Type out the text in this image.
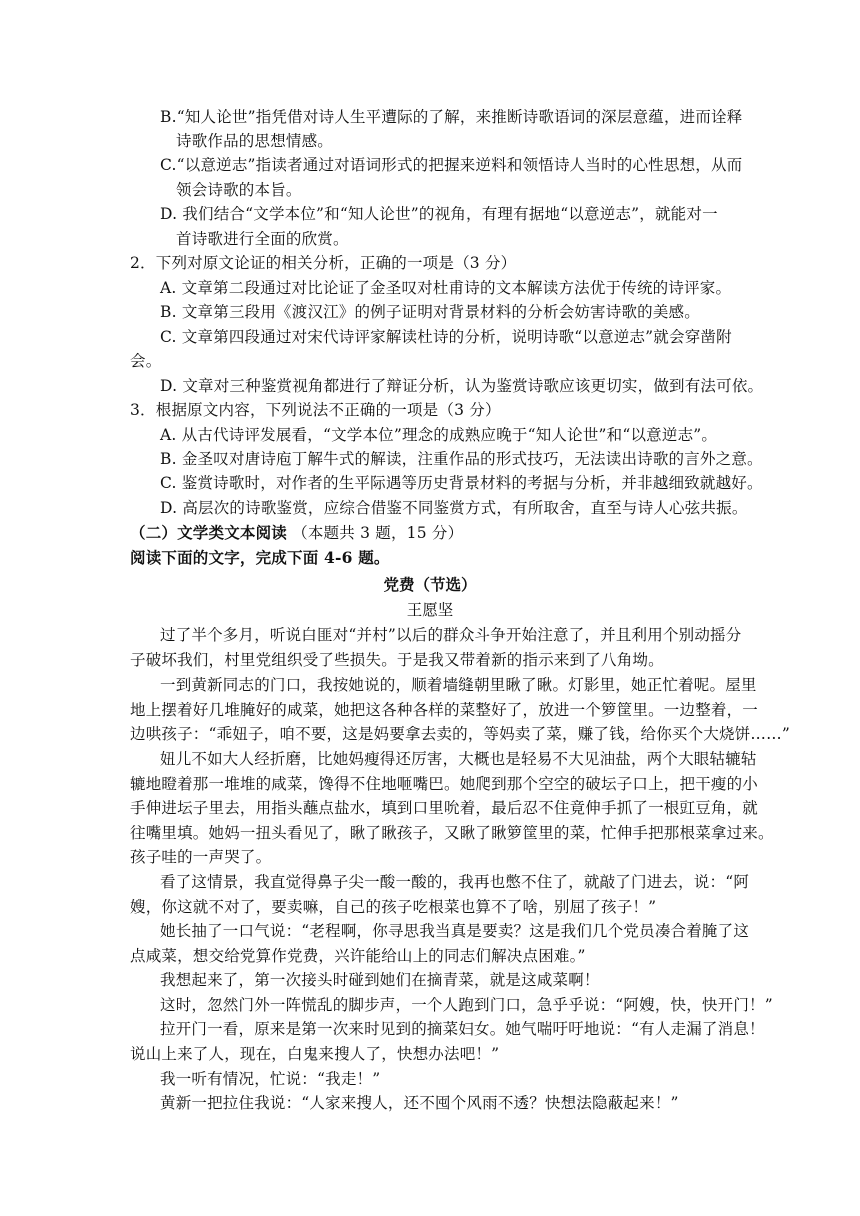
B.“知人论世”指凭借对诗人生平遭际的了解，来推断诗歌语词的深层意蕴，进而诠释
诗歌作品的思想情感。
C.“以意逆志”指读者通过对语词形式的把握来逆料和领悟诗人当时的心性思想，从而
领会诗歌的本旨。
D. 我们结合“文学本位”和“知人论世”的视角，有理有据地“以意逆志”，就能对一
首诗歌进行全面的欣赏。
2．下列对原文论证的相关分析，正确的一项是（3 分）
A. 文章第二段通过对比论证了金圣叹对杜甫诗的文本解读方法优于传统的诗评家。
B. 文章第三段用《渡汉江》的例子证明对背景材料的分析会妨害诗歌的美感。
C. 文章第四段通过对宋代诗评家解读杜诗的分析，说明诗歌“以意逆志”就会穿凿附
会。
D. 文章对三种鉴赏视角都进行了辩证分析，认为鉴赏诗歌应该更切实，做到有法可依。
3．根据原文内容，下列说法不正确的一项是（3 分）
A. 从古代诗评发展看，“文学本位”理念的成熟应晚于“知人论世”和“以意逆志”。
B. 金圣叹对唐诗庖丁解牛式的解读，注重作品的形式技巧，无法读出诗歌的言外之意。
C. 鉴赏诗歌时，对作者的生平际遇等历史背景材料的考据与分析，并非越细致就越好。
D. 高层次的诗歌鉴赏，应综合借鉴不同鉴赏方式，有所取舍，直至与诗人心弦共振。
（二）文学类文本阅读 （本题共 3 题，15 分）
阅读下面的文字，完成下面 4-6 题。
党费（节选）
王愿坚
过了半个多月，听说白匪对“并村”以后的群众斗争开始注意了，并且利用个别动摇分
子破坏我们，村里党组织受了些损失。于是我又带着新的指示来到了八角坳。
一到黄新同志的门口，我按她说的，顺着墙缝朝里瞅了瞅。灯影里，她正忙着呢。屋里
地上摆着好几堆腌好的咸菜，她把这各种各样的菜整好了，放进一个箩筐里。一边整着，一
边哄孩子：“乖妞子，咱不要，这是妈要拿去卖的，等妈卖了菜，赚了钱，给你买个大烧饼……”
妞儿不如大人经折磨，比她妈瘦得还厉害，大概也是轻易不大见油盐，两个大眼轱辘轱
辘地瞪着那一堆堆的咸菜，馋得不住地咂嘴巴。她爬到那个空空的破坛子口上，把干瘦的小
手伸进坛子里去，用指头蘸点盐水，填到口里吮着，最后忍不住竟伸手抓了一根豇豆角，就
往嘴里填。她妈一扭头看见了，瞅了瞅孩子，又瞅了瞅箩筐里的菜，忙伸手把那根菜拿过来。
孩子哇的一声哭了。
看了这情景，我直觉得鼻子尖一酸一酸的，我再也憋不住了，就敲了门进去，说：“阿
嫂，你这就不对了，要卖嘛，自己的孩子吃根菜也算不了啥，别屈了孩子！”
她长抽了一口气说：“老程啊，你寻思我当真是要卖？这是我们几个党员凑合着腌了这
点咸菜，想交给党算作党费，兴许能给山上的同志们解决点困难。”
我想起来了，第一次接头时碰到她们在摘青菜，就是这咸菜啊！
这时，忽然门外一阵慌乱的脚步声，一个人跑到门口，急乎乎说：“阿嫂，快，快开门！”
拉开门一看，原来是第一次来时见到的摘菜妇女。她气喘吁吁地说：“有人走漏了消息！
说山上来了人，现在，白鬼来搜人了，快想办法吧！”
我一听有情况，忙说：“我走！”
黄新一把拉住我说：“人家来搜人，还不囤个风雨不透？快想法隐蔽起来！”
